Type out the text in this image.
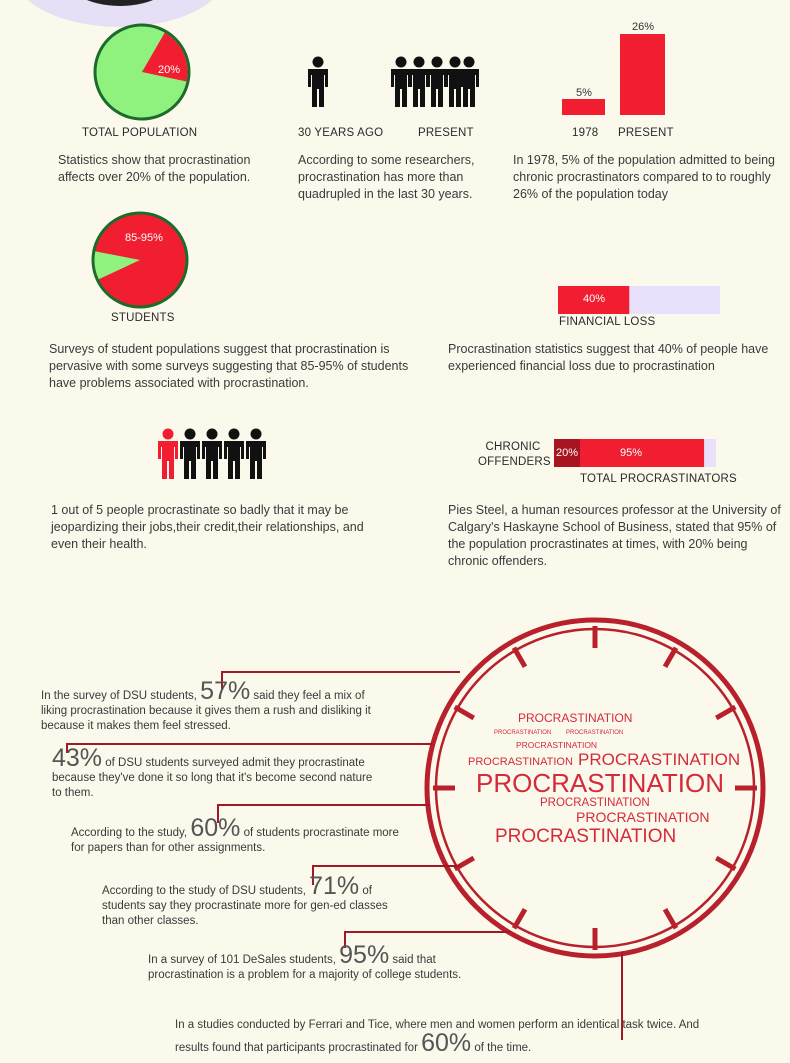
20%
TOTAL POPULATION	30 YEARS AGO	PRESENT
5%
26%
1978 PRESENT
Statistics show that procrastination affects over 20% of the population.
According to some researchers, procrastination has more than quadrupled in the last 30 years.
In 1978, 5% of the population admitted to being chronic procrastinators compared to to roughly 26% of the population today
85-95%
STUDENTS
40%
FINANCIAL LOSS
Surveys of student populations suggest that procrastination is pervasive with some surveys suggesting that 85-95% of students have problems associated with procrastination.
Procrastination statistics suggest that 40% of people have experienced financial loss due to procrastination
CHRONIC OFFENDERS
20%	95%
TOTAL PROCRASTINATORS
1 out of 5 people procrastinate so badly that it may be jeopardizing their jobs,their credit,their relationships, and even their health.
Pies Steel, a human resources professor at the University of Calgary's Haskayne School of Business, stated that 95% of the population procrastinates at times, with 20% being chronic offenders.
PROCRASTINATION
PROCRASTINATION PROCRASTINATION
PROCRASTINATION
PROCRASTINATION PROCRASTINATION
PROCRASTINATION
PROCRASTINATION
PROCRASTINATION
PROCRASTINATION
In the survey of DSU students, 57% said they feel a mix of liking procrastination because it gives them a rush and disliking it because it makes them feel stressed.
43% of DSU students surveyed admit they procrastinate because they've done it so long that it's become second nature to them.
According to the study, 60% of students procrastinate more for papers than for other assignments.
According to the study of DSU students, 71% of students say they procrastinate more for gen-ed classes than other classes.
In a survey of 101 DeSales students, 95% said that procrastination is a problem for a majority of college students.
In a studies conducted by Ferrari and Tice, where men and women perform an identical task twice. And results found that participants procrastinated for 60% of the time.
